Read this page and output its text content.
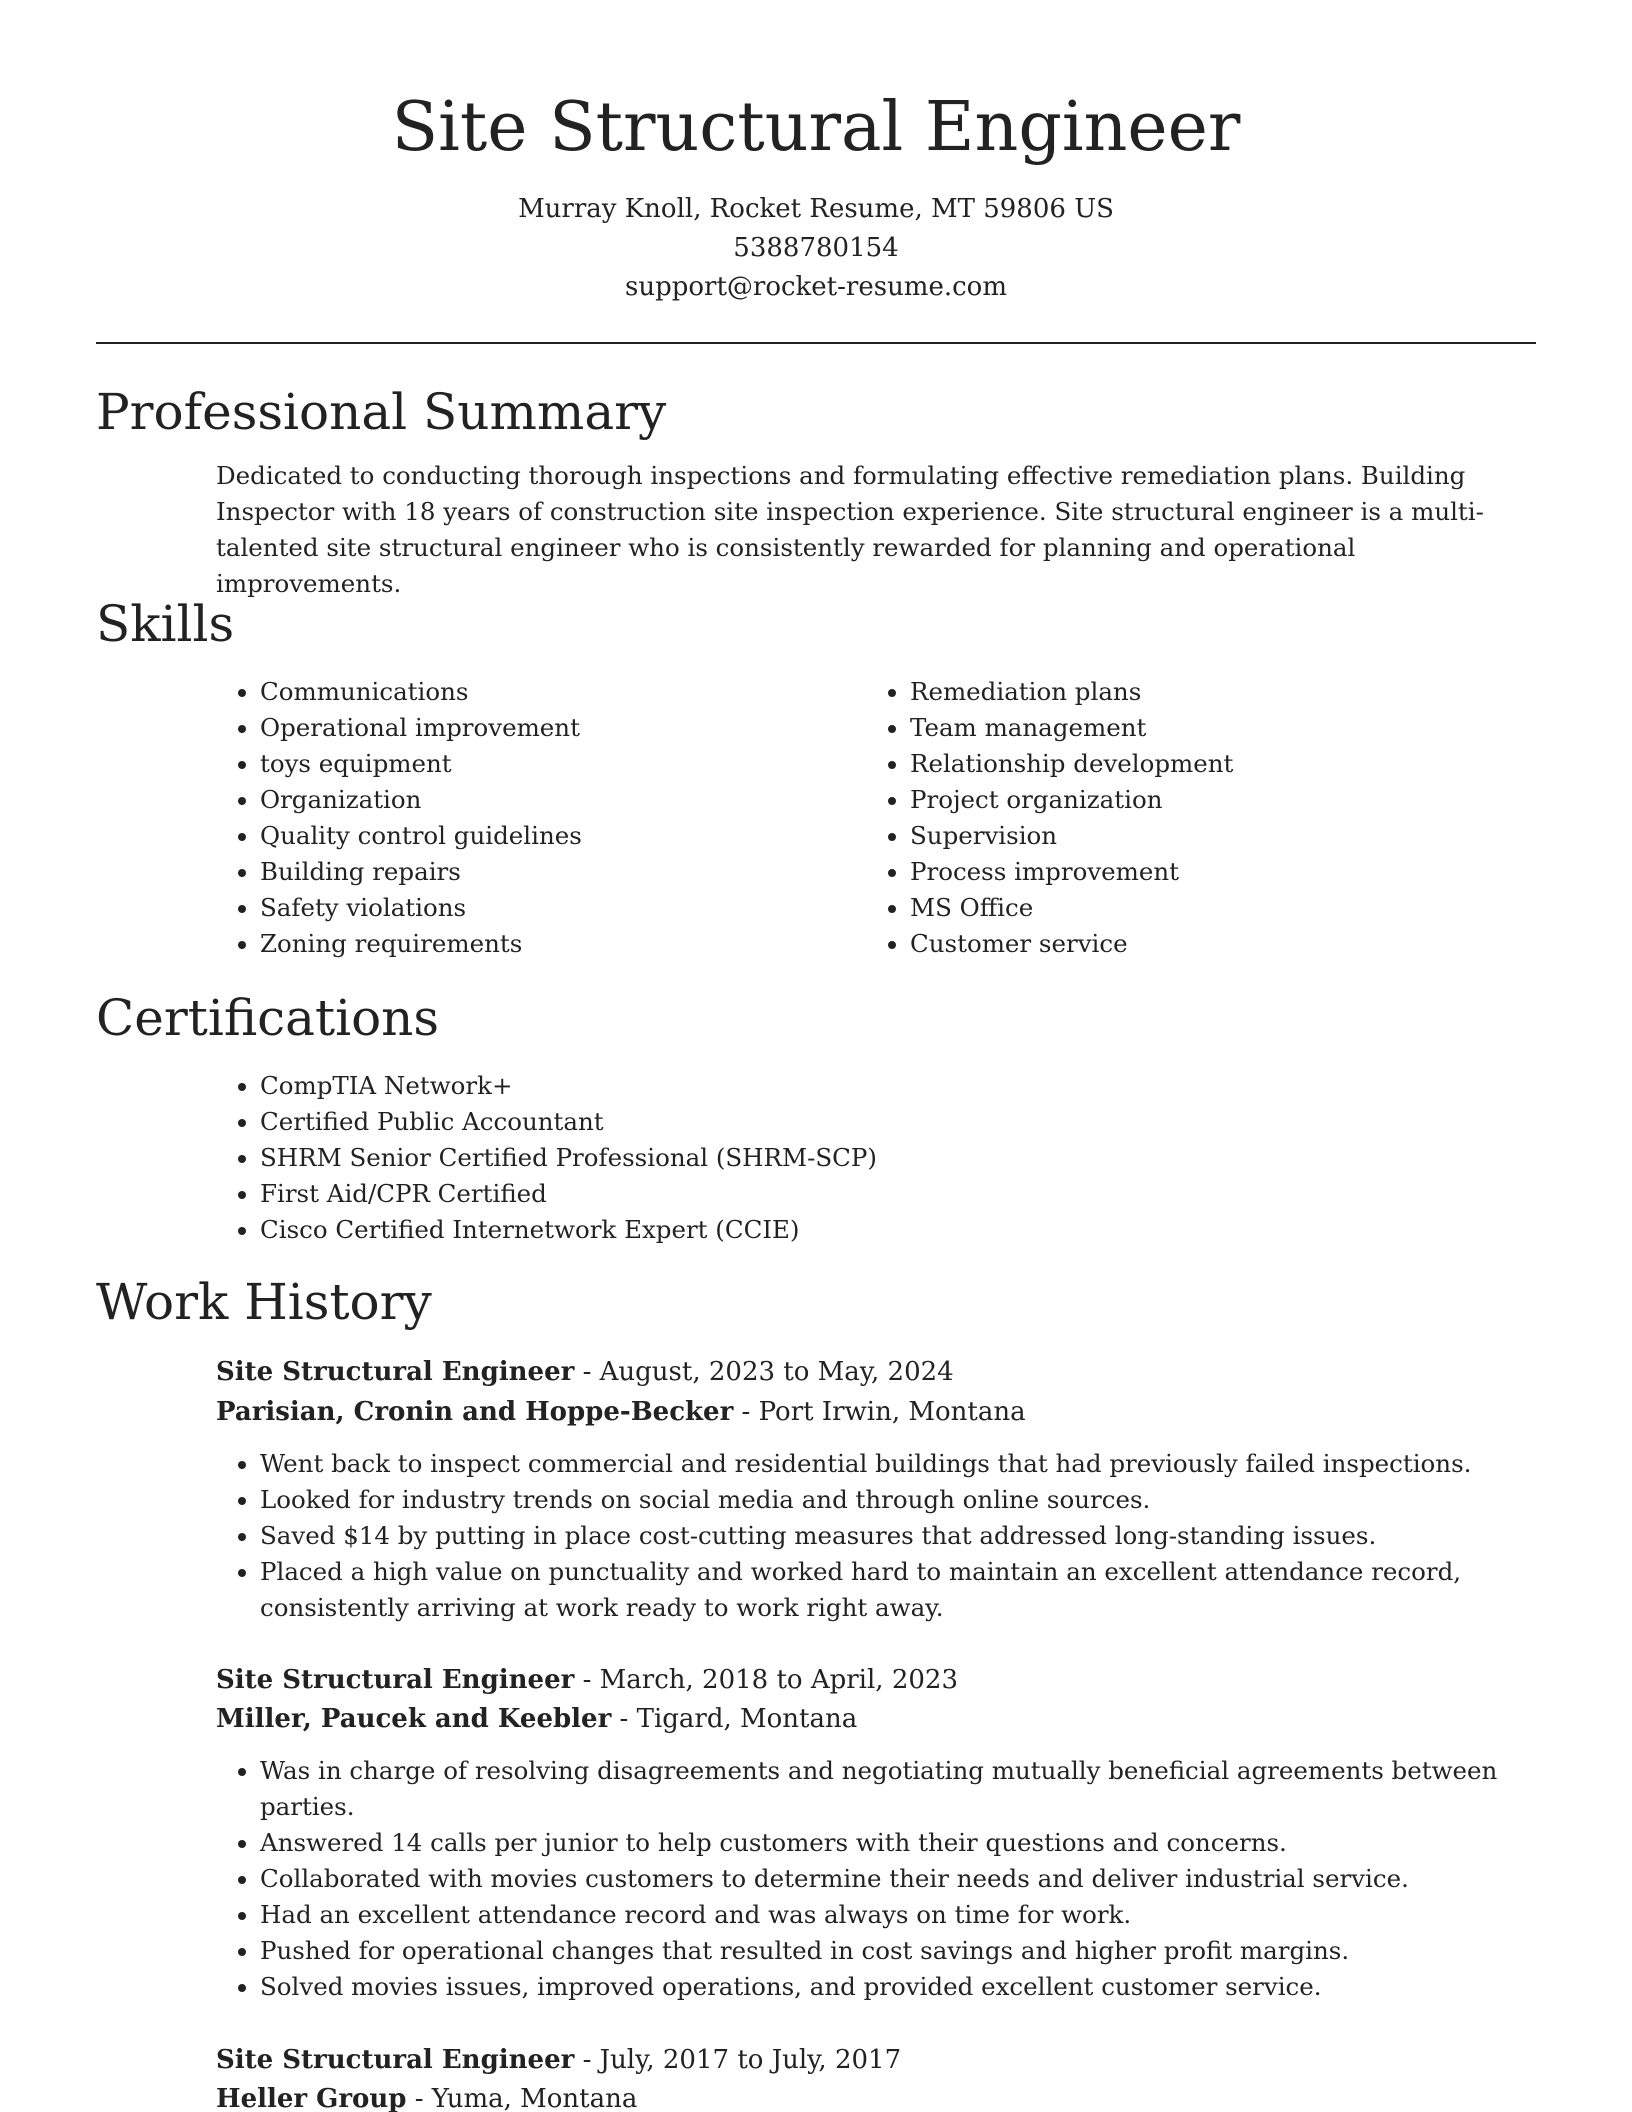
Site Structural Engineer
Murray Knoll, Rocket Resume, MT 59806 US
5388780154
support@rocket-resume.com
Professional Summary

Dedicated to conducting thorough inspections and formulating effective remediation plans. Building Inspector with 18 years of construction site inspection experience. Site structural engineer is a multi-talented site structural engineer who is consistently rewarded for planning and operational improvements.

Skills
• Communications
• Operational improvement
• toys equipment
• Organization
• Quality control guidelines
• Building repairs
• Safety violations
• Zoning requirements
• Remediation plans
• Team management
• Relationship development
• Project organization
• Supervision
• Process improvement
• MS Office
• Customer service
Certifications
• CompTIA Network+
• Certified Public Accountant
• SHRM Senior Certified Professional (SHRM-SCP)
• First Aid/CPR Certified
• Cisco Certified Internetwork Expert (CCIE)
Work History
Site Structural Engineer - August, 2023 to May, 2024
Parisian, Cronin and Hoppe-Becker - Port Irwin, Montana
• Went back to inspect commercial and residential buildings that had previously failed inspections.
• Looked for industry trends on social media and through online sources.
• Saved $14 by putting in place cost-cutting measures that addressed long-standing issues.
• Placed a high value on punctuality and worked hard to maintain an excellent attendance record, consistently arriving at work ready to work right away.
Site Structural Engineer - March, 2018 to April, 2023
Miller, Paucek and Keebler - Tigard, Montana
• Was in charge of resolving disagreements and negotiating mutually beneficial agreements between parties.
• Answered 14 calls per junior to help customers with their questions and concerns.
• Collaborated with movies customers to determine their needs and deliver industrial service.
• Had an excellent attendance record and was always on time for work.
• Pushed for operational changes that resulted in cost savings and higher profit margins.
• Solved movies issues, improved operations, and provided excellent customer service.
Site Structural Engineer - July, 2017 to July, 2017
Heller Group - Yuma, Montana
